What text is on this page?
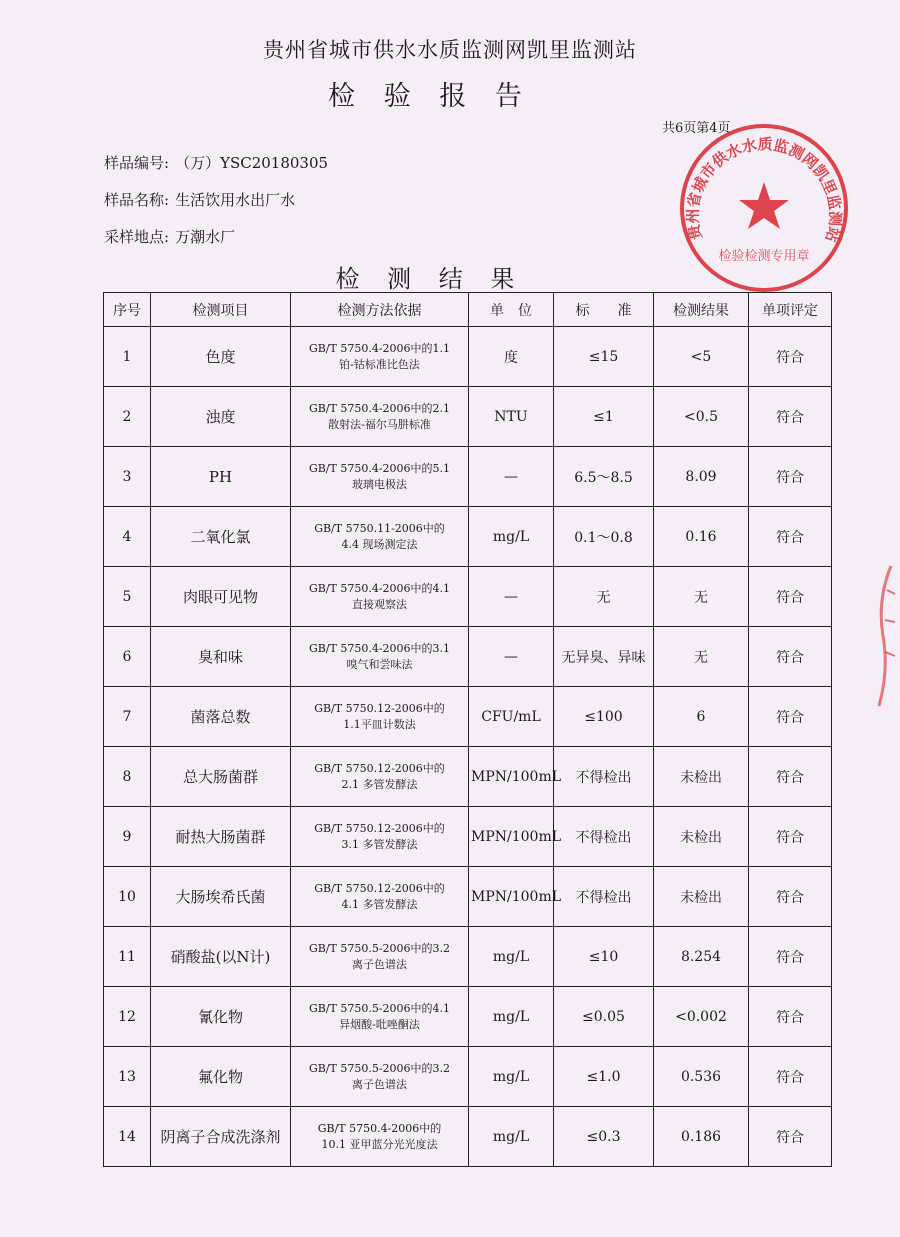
贵州省城市供水水质监测网凯里监测站
检 验 报 告
共6页第4页
样品编号: （万）YSC20180305
样品名称: 生活饮用水出厂水
采样地点: 万潮水厂
检 测 结 果
序号	检测项目	检测方法依据	单　位	标　　准	检测结果	单项评定
1	色度	GB/T 5750.4-2006中的1.1
铂-钴标准比色法	度	≤15	<5	符合
2	浊度	GB/T 5750.4-2006中的2.1
散射法-福尔马肼标准	NTU	≤1	<0.5	符合
3	PH	GB/T 5750.4-2006中的5.1
玻璃电极法	—	6.5～8.5	8.09	符合
4	二氧化氯	GB/T 5750.11-2006中的
4.4 现场测定法	mg/L	0.1～0.8	0.16	符合
5	肉眼可见物	GB/T 5750.4-2006中的4.1
直接观察法	—	无	无	符合
6	臭和味	GB/T 5750.4-2006中的3.1
嗅气和尝味法	—	无异臭、异味	无	符合
7	菌落总数	GB/T 5750.12-2006中的
1.1平皿计数法	CFU/mL	≤100	6	符合
8	总大肠菌群	GB/T 5750.12-2006中的
2.1 多管发酵法	MPN/100mL	不得检出	未检出	符合
9	耐热大肠菌群	GB/T 5750.12-2006中的
3.1 多管发酵法	MPN/100mL	不得检出	未检出	符合
10	大肠埃希氏菌	GB/T 5750.12-2006中的
4.1 多管发酵法	MPN/100mL	不得检出	未检出	符合
11	硝酸盐(以N计)	GB/T 5750.5-2006中的3.2
离子色谱法	mg/L	≤10	8.254	符合
12	氰化物	GB/T 5750.5-2006中的4.1
异烟酸-吡唑酮法	mg/L	≤0.05	<0.002	符合
13	氟化物	GB/T 5750.5-2006中的3.2
离子色谱法	mg/L	≤1.0	0.536	符合
14	阴离子合成洗涤剂	GB/T 5750.4-2006中的
10.1 亚甲蓝分光光度法	mg/L	≤0.3	0.186	符合
贵州省城市供水水质监测网凯里监测站
检验检测专用章
